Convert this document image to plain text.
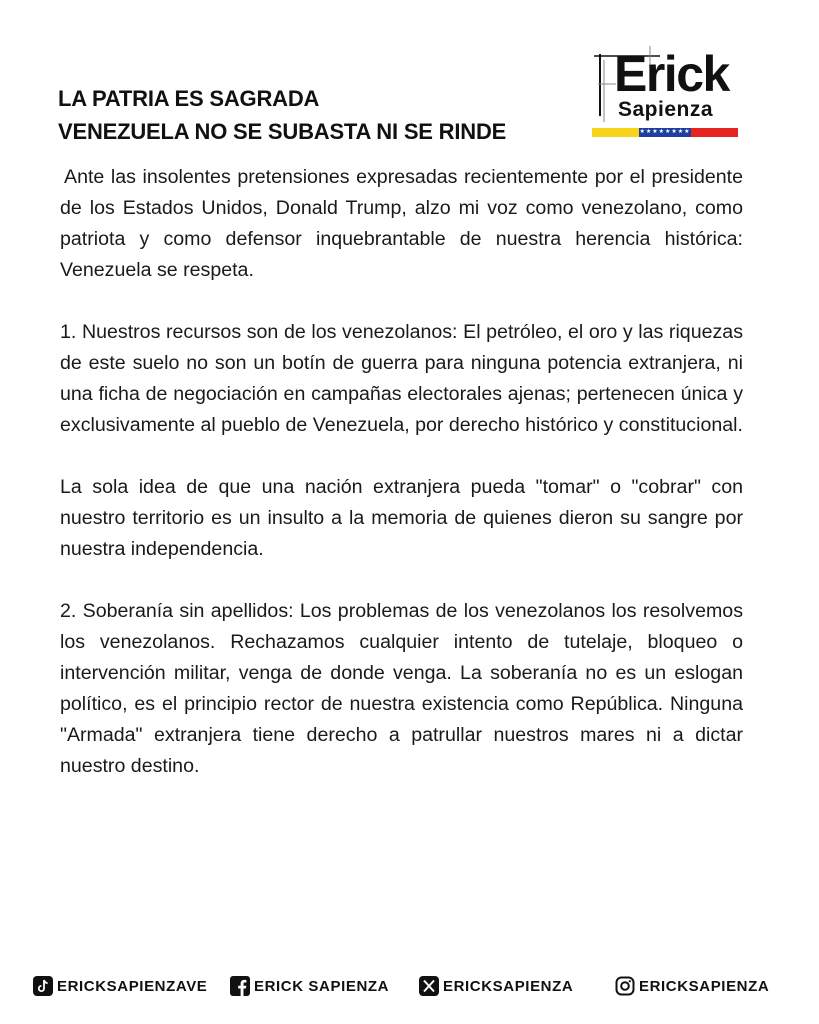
LA PATRIA ES SAGRADA
VENEZUELA NO SE SUBASTA NI SE RINDE
Erick
Sapienza
★★★★★★★★

Ante las insolentes pretensiones expresadas recientemente por el presidente de los Estados Unidos, Donald Trump, alzo mi voz como venezolano, como patriota y como defensor inquebrantable de nuestra herencia histórica: Venezuela se respeta.

1. Nuestros recursos son de los venezolanos: El petróleo, el oro y las riquezas de este suelo no son un botín de guerra para ninguna potencia extranjera, ni una ficha de negociación en campañas electorales ajenas; pertenecen única y exclusivamente al pueblo de Venezuela, por derecho histórico y constitucional.

La sola idea de que una nación extranjera pueda "tomar" o "cobrar" con nuestro territorio es un insulto a la memoria de quienes dieron su sangre por nuestra independencia.

2. Soberanía sin apellidos: Los problemas de los venezolanos los resolvemos los venezolanos. Rechazamos cualquier intento de tutelaje, bloqueo o intervención militar, venga de donde venga. La soberanía no es un eslogan político, es el principio rector de nuestra existencia como República. Ninguna "Armada" extranjera tiene derecho a patrullar nuestros mares ni a dictar nuestro destino.

ERICKSAPIENZAVE	ERICK SAPIENZA	ERICKSAPIENZA	ERICKSAPIENZA
